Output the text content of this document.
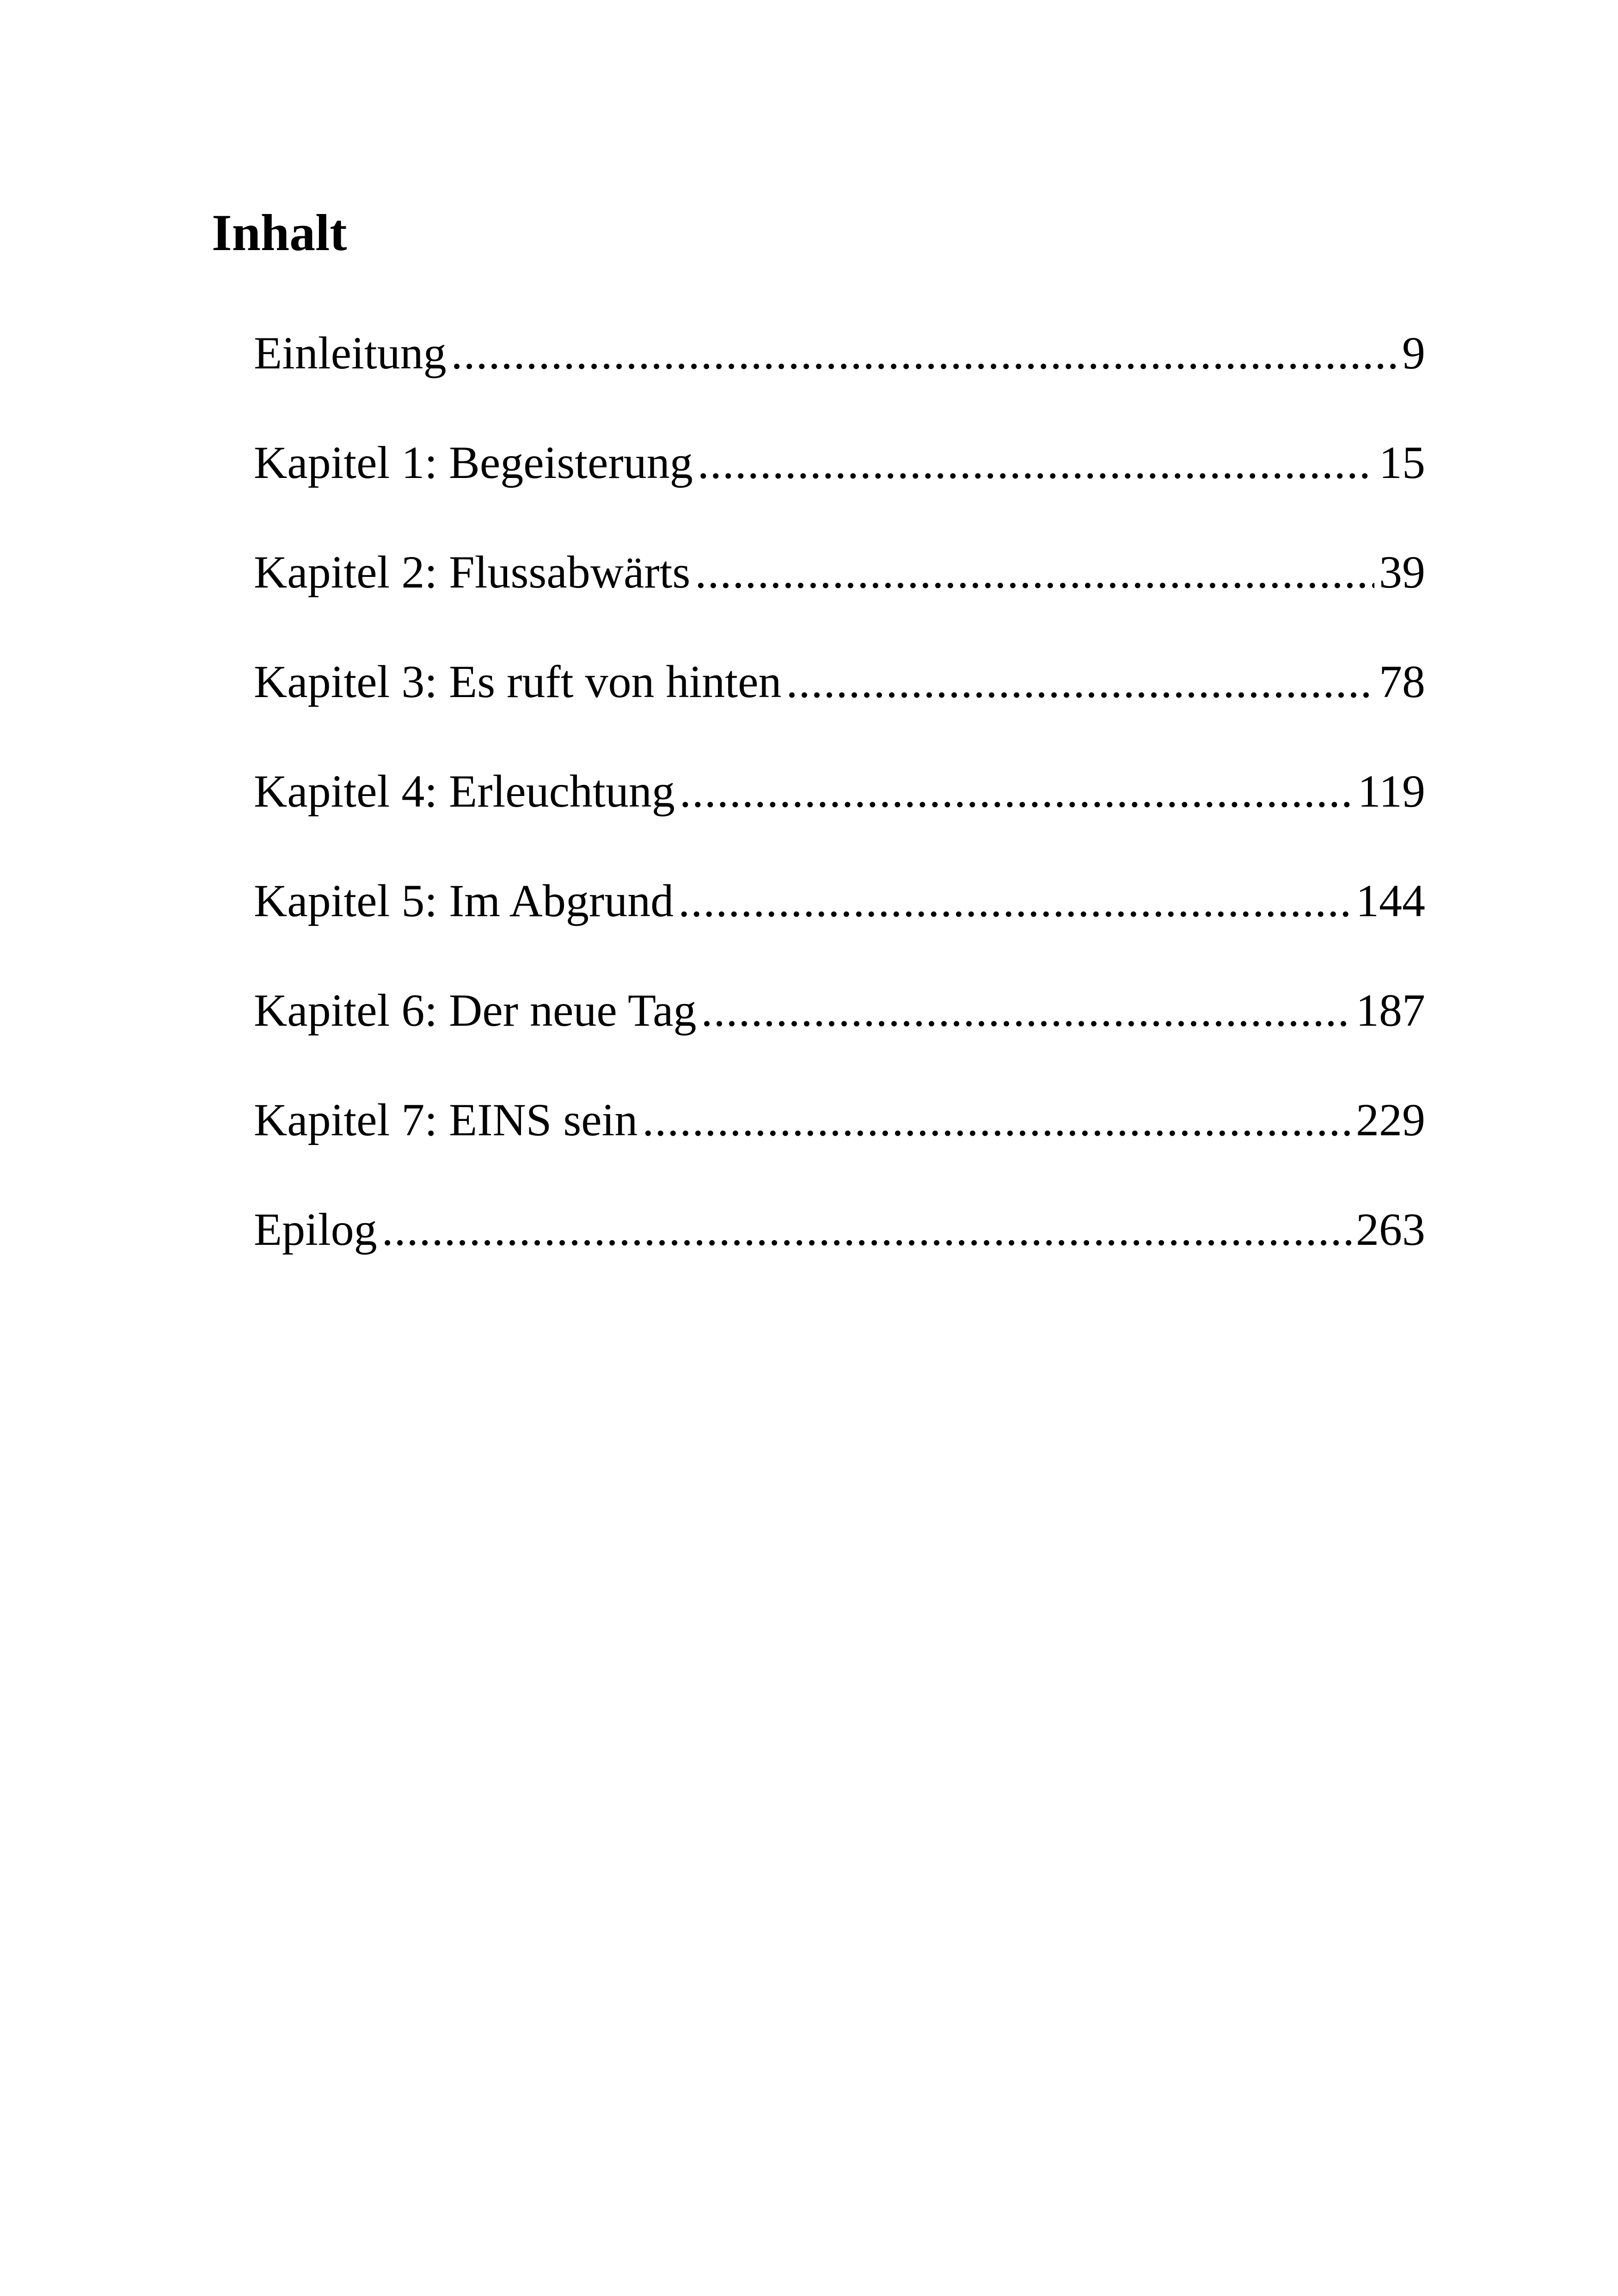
Inhalt
Einleitung .....	9
Kapitel 1: Begeisterung .....	15
Kapitel 2: Flussabwärts .....	39
Kapitel 3: Es ruft von hinten .....	78
Kapitel 4: Erleuchtung .....	119
Kapitel 5: Im Abgrund .....	144
Kapitel 6: Der neue Tag .....	187
Kapitel 7: EINS sein .....	229
Epilog .....	263
